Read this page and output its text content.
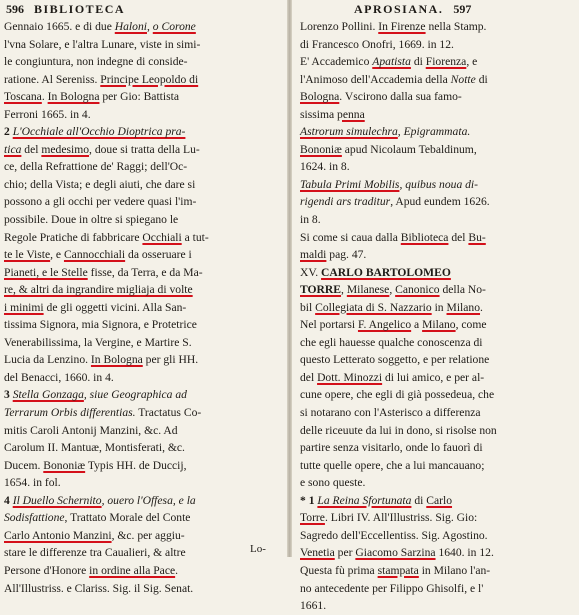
596 BIBLIOTECA
Gennaio 1665. e di due Haloni, o Corone
l'vna Solare, e l'altra Lunare, viste in simi-
le congiuntura, non indegne di conside-
ratione. Al Sereniss. Principe Leopoldo di
Toscana. In Bologna per Gio: Battista
Ferroni 1665. in 4.
2 L'Occhiale all'Occhio Dioptrica pra-
tica del medesimo, doue si tratta della Lu-
ce, della Refrattione de' Raggi; dell'Oc-
chio; della Vista; e degli aiuti, che dare si
possono a gli occhi per vedere quasi l'im-
possibile. Doue in oltre si spiegano le
Regole Pratiche di fabbricare Occhiali a tut-
te le Viste, e Cannocchiali da osseruare i
Pianeti, e le Stelle fisse, da Terra, e da Ma-
re, & altri da ingrandire migliaja di volte
i minimi de gli oggetti vicini. Alla San-
tissima Signora, mia Signora, e Protetrice
Venerabilissima, la Vergine, e Martire S.
Lucia da Lenzino. In Bologna per gli HH.
del Benacci, 1660. in 4.
3 Stella Gonzaga, siue Geographica ad
Terrarum Orbis differentias. Tractatus Co-
mitis Caroli Antonij Manzini, &c. Ad
Carolum II. Mantuæ, Montisferati, &c.
Ducem. Bononiæ Typis HH. de Duccij,
1654. in fol.
4 Il Duello Schernito, ouero l'Offesa, e la
Sodisfattione, Trattato Morale del Conte
Carlo Antonio Manzini, &c. per aggiu-
stare le differenze tra Caualieri, & altre
Persone d'Honore in ordine alla Pace.
All'Illustriss. e Clariss. Sig. il Sig. Senat.
Lo-
APROSIANA. 597
Lorenzo Pollini. In Firenze nella Stamp.
di Francesco Onofri, 1669. in 12.
E' Accademico Apatista di Fiorenza, e
l'Animoso dell'Accademia della Notte di
Bologna. Vscirono dalla sua famo-
sissima penna
Astrorum simulechra, Epigrammata.
Bononiæ apud Nicolaum Tebaldinum,
1624. in 8.
Tabula Primi Mobilis, quibus noua di-
rigendi ars traditur, Apud eundem 1626.
in 8.
Si come si caua dalla Biblioteca del Bu-
maldi pag. 47.
XV. CARLO BARTOLOMEO
TORRE, Milanese, Canonico della No-
bil Collegiata di S. Nazzario in Milano.
Nel portarsi F. Angelico a Milano, come
che egli hauesse qualche conoscenza di
questo Letterato soggetto, e per relatione
del Dott. Minozzi di lui amico, e per al-
cune opere, che egli di già possedeua, che
si notarano con l'Asterisco a differenza
delle riceuute da lui in dono, si risolse non
partire senza visitarlo, onde lo fauorì di
tutte quelle opere, che a lui mancauano;
e sono queste.
* 1 La Reina Sfortunata di Carlo
Torre. Libri IV. All'Illustriss. Sig. Gio:
Sagredo dell'Eccellentiss. Sig. Agostino.
Venetia per Giacomo Sarzina 1640. in 12.
Questa fù prima stampata in Milano l'an-
no antecedente per Filippo Ghisolfi, e l'
1661.
